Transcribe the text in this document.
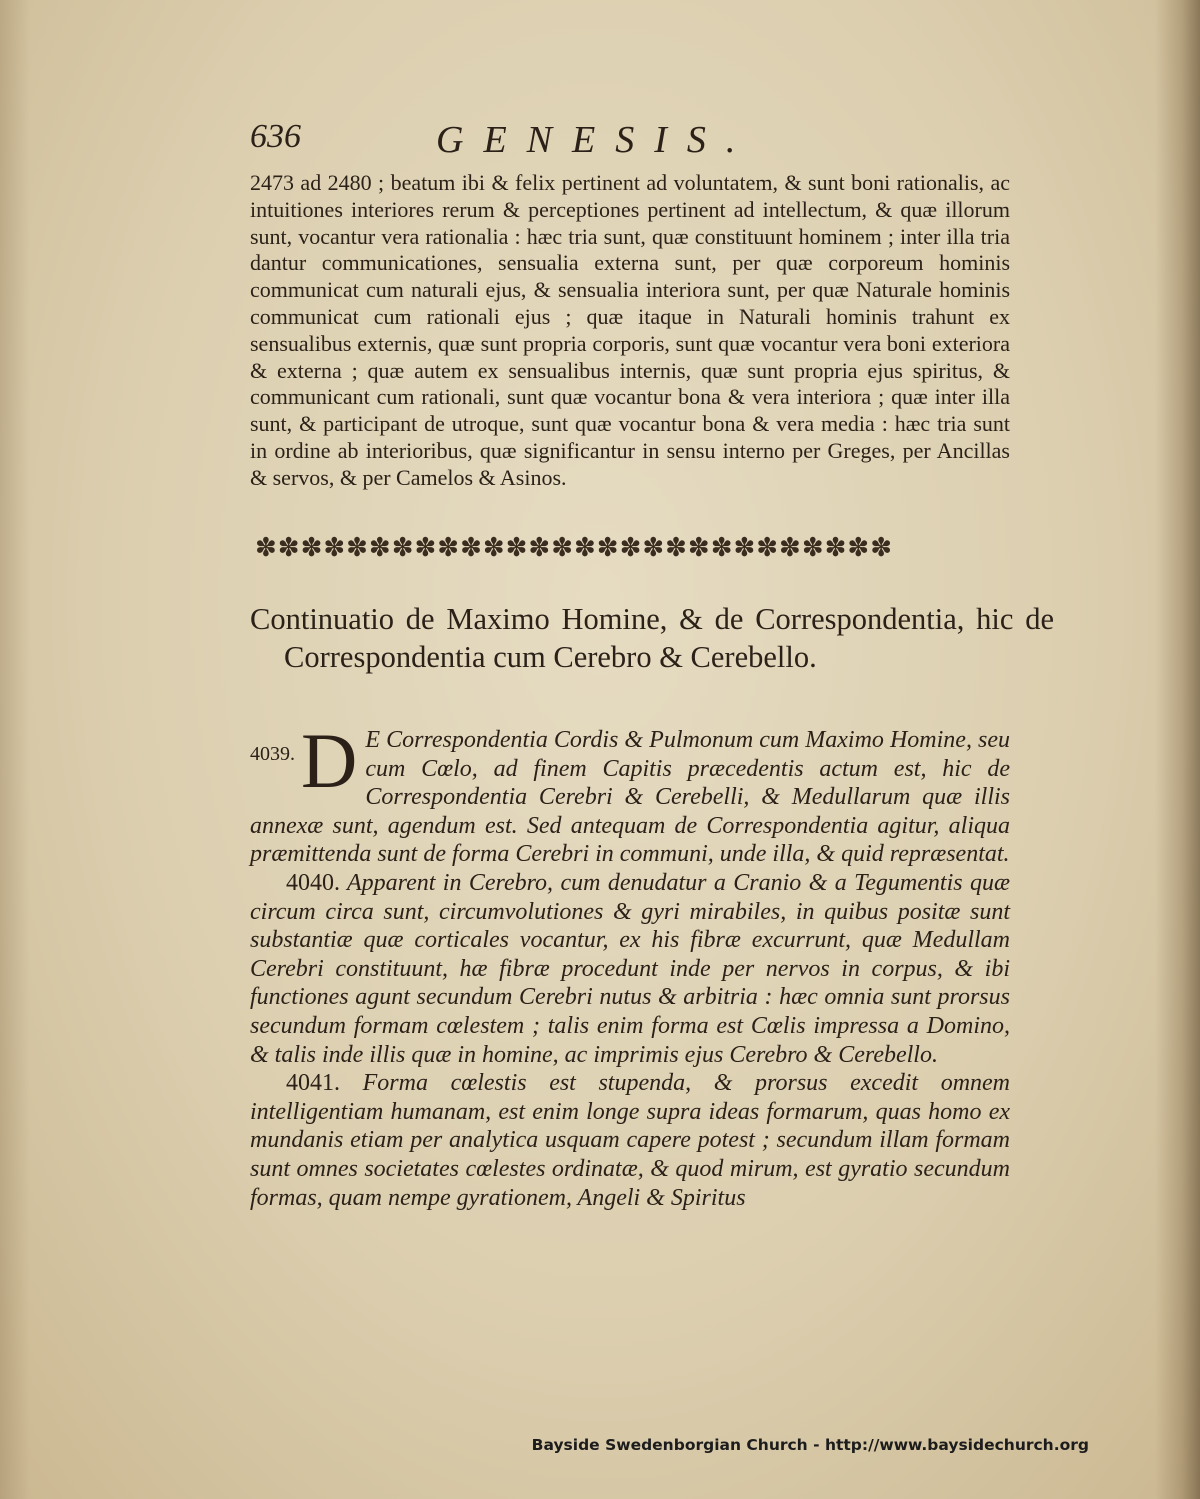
636	GENESIS.
2473 ad 2480 ; beatum ibi & felix pertinent ad voluntatem, & sunt boni rationalis, ac intuitiones interiores rerum & perceptiones pertinent ad intellectum, & quæ illorum sunt, vocantur vera rationalia : hæc tria sunt, quæ constituunt hominem ; inter illa tria dantur communicationes, sensualia externa sunt, per quæ corporeum hominis communicat cum naturali ejus, & sensualia interiora sunt, per quæ Naturale hominis communicat cum rationali ejus ; quæ itaque in Naturali hominis trahunt ex sensualibus externis, quæ sunt propria corporis, sunt quæ vocantur vera boni exteriora & externa ; quæ autem ex sensualibus internis, quæ sunt propria ejus spiritus, & communicant cum rationali, sunt quæ vocantur bona & vera interiora ; quæ inter illa sunt, & participant de utroque, sunt quæ vocantur bona & vera media : hæc tria sunt in ordine ab interioribus, quæ significantur in sensu interno per Greges, per Ancillas & servos, & per Camelos & Asinos.
✽✽✽✽✽✽✽✽✽✽✽✽✽✽✽✽✽✽✽✽✽✽✽✽✽✽✽✽
Continuatio de Maximo Homine, & de Correspondentia, hic de Correspondentia cum Cerebro & Cerebello.

4039. D E Correspondentia Cordis & Pulmonum cum Maximo Homine, seu cum Cœlo, ad finem Capitis præcedentis actum est, hic de Correspondentia Cerebri & Cerebelli, & Medullarum quæ illis annexæ sunt, agendum est. Sed antequam de Correspondentia agitur, aliqua præmittenda sunt de forma Cerebri in communi, unde illa, & quid repræsentat.

4040. Apparent in Cerebro, cum denudatur a Cranio & a Tegumentis quæ circum circa sunt, circumvolutiones & gyri mirabiles, in quibus positæ sunt substantiæ quæ corticales vocantur, ex his fibræ excurrunt, quæ Medullam Cerebri constituunt, hæ fibræ procedunt inde per nervos in corpus, & ibi functiones agunt secundum Cerebri nutus & arbitria : hæc omnia sunt prorsus secundum formam cœlestem ; talis enim forma est Cœlis impressa a Domino, & talis inde illis quæ in homine, ac imprimis ejus Cerebro & Cerebello.

4041. Forma cœlestis est stupenda, & prorsus excedit omnem intelligentiam humanam, est enim longe supra ideas formarum, quas homo ex mundanis etiam per analytica usquam capere potest ; secundum illam formam sunt omnes societates cœlestes ordinatæ, & quod mirum, est gyratio secundum formas, quam nempe gyrationem, Angeli & Spiritus

Bayside Swedenborgian Church - http://www.baysidechurch.org
